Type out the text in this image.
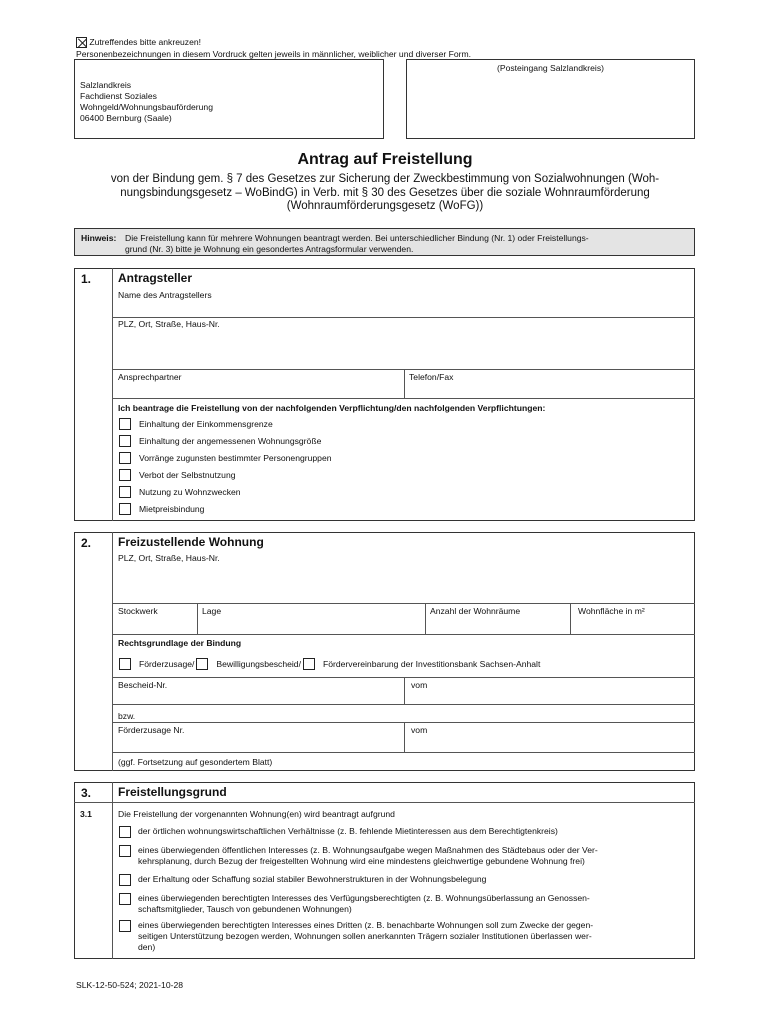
Zutreffendes bitte ankreuzen!
Personenbezeichnungen in diesem Vordruck gelten jeweils in männlicher, weiblicher und diverser Form.
Salzlandkreis
Fachdienst Soziales
Wohngeld/Wohnungsbauförderung
06400 Bernburg (Saale)
(Posteingang Salzlandkreis)
Antrag auf Freistellung
von der Bindung gem. § 7 des Gesetzes zur Sicherung der Zweckbestimmung von Sozialwohnungen (Woh-
nungsbindungsgesetz – WoBindG) in Verb. mit § 30 des Gesetzes über die soziale Wohnraumförderung
(Wohnraumförderungsgesetz (WoFG))
Hinweis: Die Freistellung kann für mehrere Wohnungen beantragt werden. Bei unterschiedlicher Bindung (Nr. 1) oder Freistellungs-
grund (Nr. 3) bitte je Wohnung ein gesondertes Antragsformular verwenden.
1. Antragsteller
Name des Antragstellers
PLZ, Ort, Straße, Haus-Nr.
Ansprechpartner	Telefon/Fax
Ich beantrage die Freistellung von der nachfolgenden Verpflichtung/den nachfolgenden Verpflichtungen:
Einhaltung der Einkommensgrenze
Einhaltung der angemessenen Wohnungsgröße
Vorränge zugunsten bestimmter Personengruppen
Verbot der Selbstnutzung
Nutzung zu Wohnzwecken
Mietpreisbindung
2. Freizustellende Wohnung
PLZ, Ort, Straße, Haus-Nr.
Stockwerk	Lage	Anzahl der Wohnräume	Wohnfläche in m²
Rechtsgrundlage der Bindung
Förderzusage/	Bewilligungsbescheid/	Fördervereinbarung der Investitionsbank Sachsen-Anhalt
Bescheid-Nr.	vom
bzw.
Förderzusage Nr.	vom
(ggf. Fortsetzung auf gesondertem Blatt)
3. Freistellungsgrund
3.1	Die Freistellung der vorgenannten Wohnung(en) wird beantragt aufgrund
der örtlichen wohnungswirtschaftlichen Verhältnisse (z. B. fehlende Mietinteressen aus dem Berechtigtenkreis)
eines überwiegenden öffentlichen Interesses (z. B. Wohnungsaufgabe wegen Maßnahmen des Städtebaus oder der Ver-
kehrsplanung, durch Bezug der freigestellten Wohnung wird eine mindestens gleichwertige gebundene Wohnung frei)
der Erhaltung oder Schaffung sozial stabiler Bewohnerstrukturen in der Wohnungsbelegung
eines überwiegenden berechtigten Interesses des Verfügungsberechtigten (z. B. Wohnungsüberlassung an Genossen-
schaftsmitglieder, Tausch von gebundenen Wohnungen)
eines überwiegenden berechtigten Interesses eines Dritten (z. B. benachbarte Wohnungen soll zum Zwecke der gegen-
seitigen Unterstützung bezogen werden, Wohnungen sollen anerkannten Trägern sozialer Institutionen überlassen wer-
den)
SLK-12-50-524; 2021-10-28
